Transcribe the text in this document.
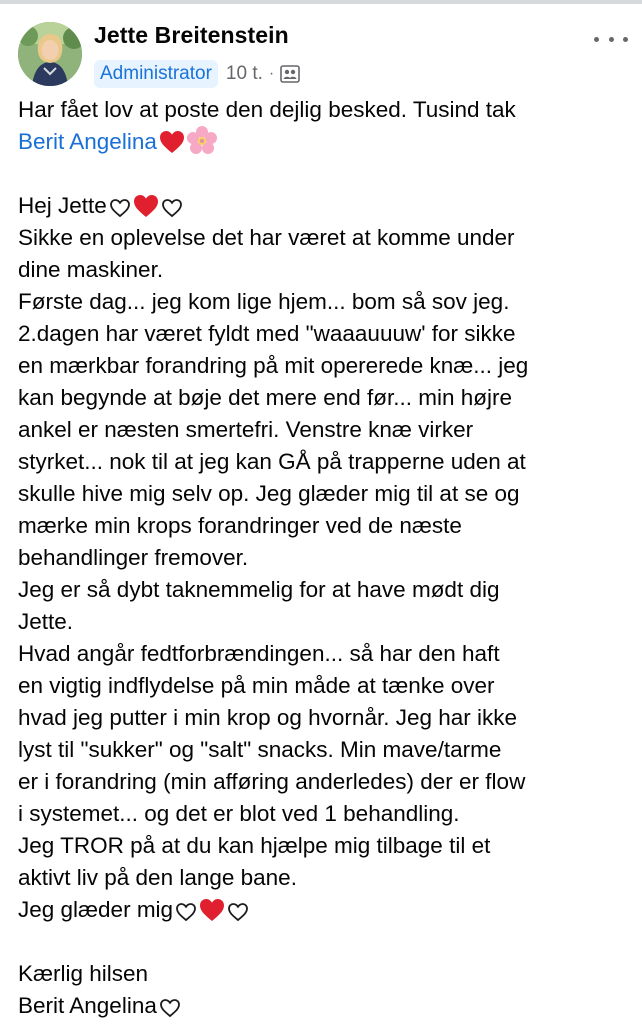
Jette Breitenstein
Administrator 10 t. ·
Har fået lov at poste den dejlig besked. Tusind tak
Berit Angelina
Hej Jette
Sikke en oplevelse det har været at komme under
dine maskiner.
Første dag... jeg kom lige hjem... bom så sov jeg.
2.dagen har været fyldt med "waaauuuw' for sikke
en mærkbar forandring på mit opererede knæ... jeg
kan begynde at bøje det mere end før... min højre
ankel er næsten smertefri. Venstre knæ virker
styrket... nok til at jeg kan GÅ på trapperne uden at
skulle hive mig selv op. Jeg glæder mig til at se og
mærke min krops forandringer ved de næste
behandlinger fremover.
Jeg er så dybt taknemmelig for at have mødt dig
Jette.
Hvad angår fedtforbrændingen... så har den haft
en vigtig indflydelse på min måde at tænke over
hvad jeg putter i min krop og hvornår. Jeg har ikke
lyst til "sukker" og "salt" snacks. Min mave/tarme
er i forandring (min afføring anderledes) der er flow
i systemet... og det er blot ved 1 behandling.
Jeg TROR på at du kan hjælpe mig tilbage til et
aktivt liv på den lange bane.
Jeg glæder mig
Kærlig hilsen
Berit Angelina
